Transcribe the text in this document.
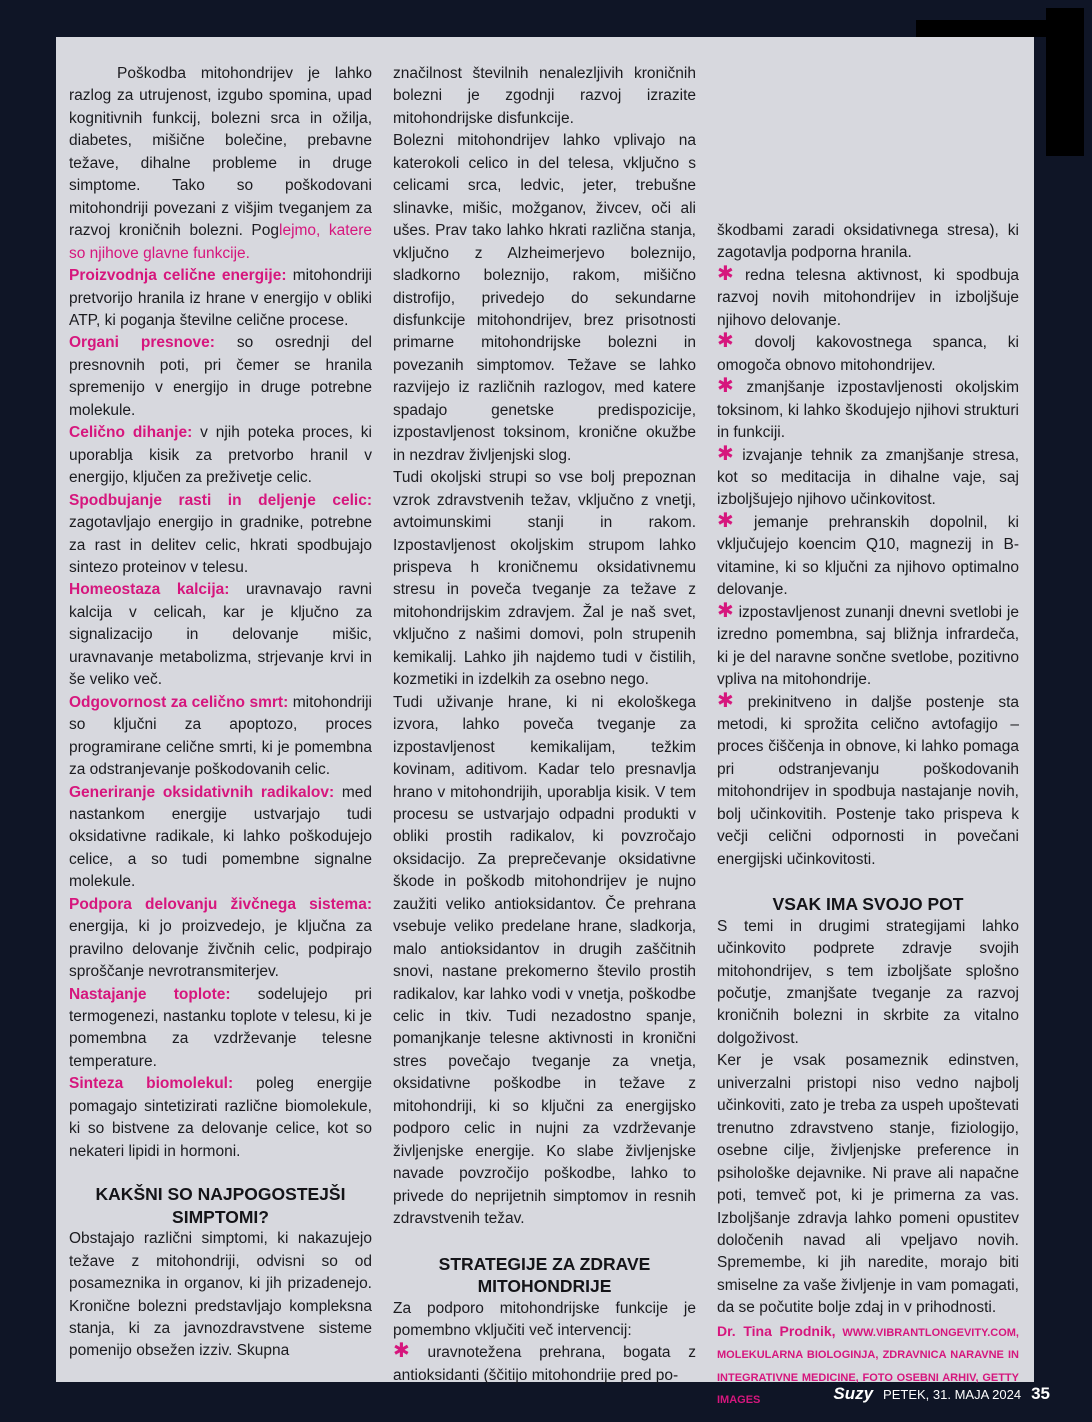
Poškodba mitohondrijev je lahko razlog za utrujenost, izgubo spomina, upad kognitivnih funkcij, bolezni srca in ožilja, diabetes, mišične bolečine, prebavne težave, dihalne probleme in druge simptome. Tako so poškodovani mitohondriji povezani z višjim tveganjem za razvoj kroničnih bolezni. Poglejmo, katere so njihove glavne funkcije.

Proizvodnja celične energije: mitohondriji pretvorijo hranila iz hrane v energijo v obliki ATP, ki poganja številne celične procese.

Organi presnove: so osrednji del presnovnih poti, pri čemer se hranila spremenijo v energijo in druge potrebne molekule.

Celično dihanje: v njih poteka proces, ki uporablja kisik za pretvorbo hranil v energijo, ključen za preživetje celic.

Spodbujanje rasti in deljenje celic: zagotavljajo energijo in gradnike, potrebne za rast in delitev celic, hkrati spodbujajo sintezo proteinov v telesu.

Homeostaza kalcija: uravnavajo ravni kalcija v celicah, kar je ključno za signalizacijo in delovanje mišic, uravnavanje metabolizma, strjevanje krvi in še veliko več.

Odgovornost za celično smrt: mitohondriji so ključni za apoptozo, proces programirane celične smrti, ki je pomembna za odstranjevanje poškodovanih celic.

Generiranje oksidativnih radikalov: med nastankom energije ustvarjajo tudi oksidativne radikale, ki lahko poškodujejo celice, a so tudi pomembne signalne molekule.

Podpora delovanju živčnega sistema: energija, ki jo proizvedejo, je ključna za pravilno delovanje živčnih celic, podpirajo sproščanje nevrotransmiterjev.

Nastajanje toplote: sodelujejo pri termogenezi, nastanku toplote v telesu, ki je pomembna za vzdrževanje telesne temperature.

Sinteza biomolekul: poleg energije pomagajo sintetizirati različne biomolekule, ki so bistvene za delovanje celice, kot so nekateri lipidi in hormoni.

KAKŠNI SO NAJPOGOSTEJŠI SIMPTOMI?

Obstajajo različni simptomi, ki nakazujejo težave z mitohondriji, odvisni so od posameznika in organov, ki jih prizadenejo. Kronične bolezni predstavljajo kompleksna stanja, ki za javnozdravstvene sisteme pomenijo obsežen izziv. Skupna

značilnost številnih nenalezljivih kroničnih bolezni je zgodnji razvoj izrazite mitohondrijske disfunkcije.

Bolezni mitohondrijev lahko vplivajo na katerokoli celico in del telesa, vključno s celicami srca, ledvic, jeter, trebušne slinavke, mišic, možganov, živcev, oči ali ušes. Prav tako lahko hkrati različna stanja, vključno z Alzheimerjevo boleznijo, sladkorno boleznijo, rakom, mišično distrofijo, privedejo do sekundarne disfunkcije mitohondrijev, brez prisotnosti primarne mitohondrijske bolezni in povezanih simptomov. Težave se lahko razvijejo iz različnih razlogov, med katere spadajo genetske predispozicije, izpostavljenost toksinom, kronične okužbe in nezdrav življenjski slog.

Tudi okoljski strupi so vse bolj prepoznan vzrok zdravstvenih težav, vključno z vnetji, avtoimunskimi stanji in rakom. Izpostavljenost okoljskim strupom lahko prispeva h kroničnemu oksidativnemu stresu in poveča tveganje za težave z mitohondrijskim zdravjem. Žal je naš svet, vključno z našimi domovi, poln strupenih kemikalij. Lahko jih najdemo tudi v čistilih, kozmetiki in izdelkih za osebno nego.

Tudi uživanje hrane, ki ni ekološkega izvora, lahko poveča tveganje za izpostavljenost kemikalijam, težkim kovinam, aditivom. Kadar telo presnavlja hrano v mitohondrijih, uporablja kisik. V tem procesu se ustvarjajo odpadni produkti v obliki prostih radikalov, ki povzročajo oksidacijo. Za preprečevanje oksidativne škode in poškodb mitohondrijev je nujno zaužiti veliko antioksidantov. Če prehrana vsebuje veliko predelane hrane, sladkorja, malo antioksidantov in drugih zaščitnih snovi, nastane prekomerno število prostih radikalov, kar lahko vodi v vnetja, poškodbe celic in tkiv. Tudi nezadostno spanje, pomanjkanje telesne aktivnosti in kronični stres povečajo tveganje za vnetja, oksidativne poškodbe in težave z mitohondriji, ki so ključni za energijsko podporo celic in nujni za vzdrževanje življenjske energije. Ko slabe življenjske navade povzročijo poškodbe, lahko to privede do neprijetnih simptomov in resnih zdravstvenih težav.

STRATEGIJE ZA ZDRAVE MITOHONDRIJE

Za podporo mitohondrijske funkcije je pomembno vključiti več intervencij:

✱ uravnotežena prehrana, bogata z antioksidanti (ščitijo mitohondrije pred po-

škodbami zaradi oksidativnega stresa), ki zagotavlja podporna hranila.

✱ redna telesna aktivnost, ki spodbuja razvoj novih mitohondrijev in izboljšuje njihovo delovanje.

✱ dovolj kakovostnega spanca, ki omogoča obnovo mitohondrijev.

✱ zmanjšanje izpostavljenosti okoljskim toksinom, ki lahko škodujejo njihovi strukturi in funkciji.

✱ izvajanje tehnik za zmanjšanje stresa, kot so meditacija in dihalne vaje, saj izboljšujejo njihovo učinkovitost.

✱ jemanje prehranskih dopolnil, ki vključujejo koencim Q10, magnezij in B-vitamine, ki so ključni za njihovo optimalno delovanje.

✱ izpostavljenost zunanji dnevni svetlobi je izredno pomembna, saj bližnja infrardeča, ki je del naravne sončne svetlobe, pozitivno vpliva na mitohondrije.

✱ prekinitveno in daljše postenje sta metodi, ki sprožita celično avtofagijo – proces čiščenja in obnove, ki lahko pomaga pri odstranjevanju poškodovanih mitohondrijev in spodbuja nastajanje novih, bolj učinkovitih. Postenje tako prispeva k večji celični odpornosti in povečani energijski učinkovitosti.

VSAK IMA SVOJO POT

S temi in drugimi strategijami lahko učinkovito podprete zdravje svojih mitohondrijev, s tem izboljšate splošno počutje, zmanjšate tveganje za razvoj kroničnih bolezni in skrbite za vitalno dolgoživost.

Ker je vsak posameznik edinstven, univerzalni pristopi niso vedno najbolj učinkoviti, zato je treba za uspeh upoštevati trenutno zdravstveno stanje, fiziologijo, osebne cilje, življenjske preference in psihološke dejavnike. Ni prave ali napačne poti, temveč pot, ki je primerna za vas. Izboljšanje zdravja lahko pomeni opustitev določenih navad ali vpeljavo novih. Spremembe, ki jih naredite, morajo biti smiselne za vaše življenje in vam pomagati, da se počutite bolje zdaj in v prihodnosti.

Dr. Tina Prodnik, WWW.VIBRANTLONGEVITY.COM, MOLEKULARNA BIOLOGINJA, ZDRAVNICA NARAVNE IN INTEGRATIVNE MEDICINE, FOTO OSEBNI ARHIV, GETTY IMAGES	Suzy PETEK, 31. MAJA 2024 35
